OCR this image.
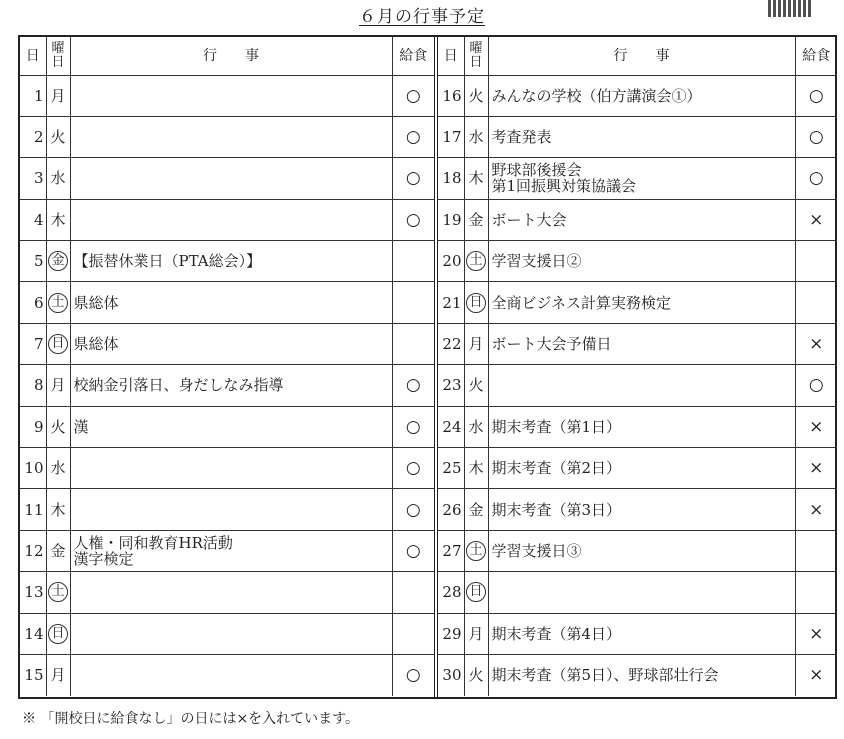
６月の行事予定
日	曜日	行　　事	給食
1	月		○
2	火		○
3	水		○
4	木		○
5	金	【振替休業日（PTA総会）】	

6	土	県総体	

7	日	県総体	

8	月	校納金引落日、身だしなみ指導	○
9	火	漢	○
10	水		○
11	木		○
12	金	人権・同和教育HR活動
漢字検定	○
13	土	

14	日	

15	月		○
日	曜日	行　　事	給食
16	火	みんなの学校（伯方講演会①）	○
17	水	考査発表	○
18	木	野球部後援会
第1回振興対策協議会	○
19	金	ボート大会	×
20	土	学習支援日②	

21	日	全商ビジネス計算実務検定	

22	月	ボート大会予備日	×
23	火		○
24	水	期末考査（第1日）	×
25	木	期末考査（第2日）	×
26	金	期末考査（第3日）	×
27	土	学習支援日③	

28	日	

29	月	期末考査（第4日）	×
30	火	期末考査（第5日）、野球部壮行会	×
※ 「開校日に給食なし」の日には×を入れています。
